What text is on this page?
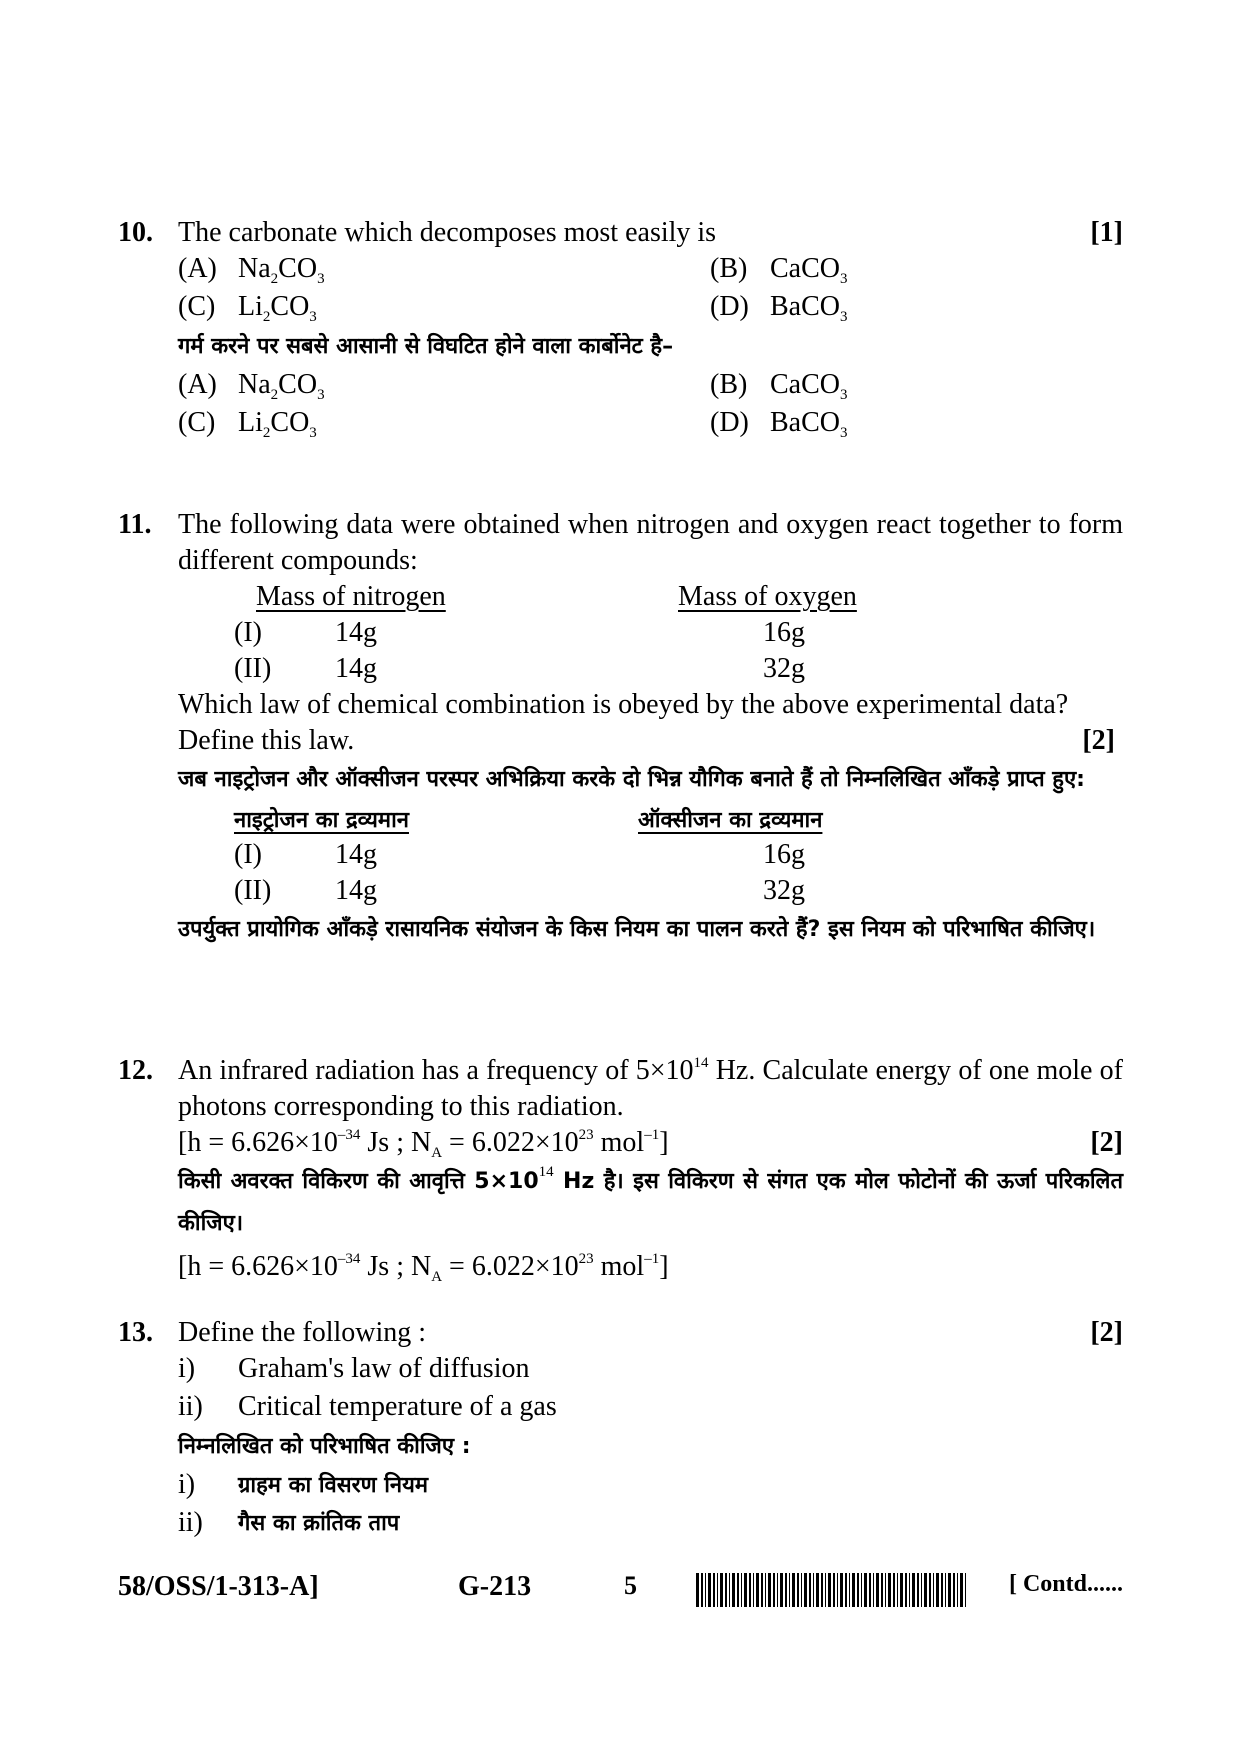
10.	[1]
The carbonate which decomposes most easily is
(A) $Na_2CO_3$	(B) CaCO$_3$
(C) $Li_2CO_3$	(D) BaCO$_3$
गर्म करने पर सबसे आसानी से विघटित होने वाला कार्बोनेट है–
(A) $Na_2CO_3$	(B) CaCO$_3$
(C) $Li_2CO_3$	(D) BaCO$_3$
11. The following data were obtained when nitrogen and oxygen react together to form different compounds:
Mass of nitrogen	Mass of oxygen
(I)	14g	16g
(II) 14g	32g
Which law of chemical combination is obeyed by the above experimental data?
Define this law.	[2]
जब नाइट्रोजन और ऑक्सीजन परस्पर अभिक्रिया करके दो भिन्न यौगिक बनाते हैं तो निम्नलिखित आँकड़े प्राप्त हुए:
नाइट्रोजन का द्रव्यमान	ऑक्सीजन का द्रव्यमान
(I)	14g	16g
(II) 14g	32g
उपर्युक्त प्रायोगिक आँकड़े रासायनिक संयोजन के किस नियम का पालन करते हैं? इस नियम को परिभाषित कीजिए।
12. An infrared radiation has a frequency of $5\times 10^{14}$ Hz. Calculate energy of one mole of photons corresponding to this radiation.
[$h = 6.626\times 10^{-34}$ Js ; $N_A = 6.022\times 10^{23}$ mol$^{-1}$]	[2]
किसी अवरक्त विकिरण की आवृत्ति $5\times 10^{14}$ Hz है। इस विकिरण से संगत एक मोल फोटोनों की ऊर्जा परिकलित कीजिए।
[$h = 6.626\times 10^{-34}$ Js ; $N_A = 6.022\times 10^{23}$ mol$^{-1}$]
13.	[2]
Define the following :
i) Graham's law of diffusion
ii) Critical temperature of a gas
निम्नलिखित को परिभाषित कीजिए :
i) ग्राहम का विसरण नियम
ii) गैस का क्रांतिक ताप
58/OSS/1-313-A]	G-213	5	[ Contd......
